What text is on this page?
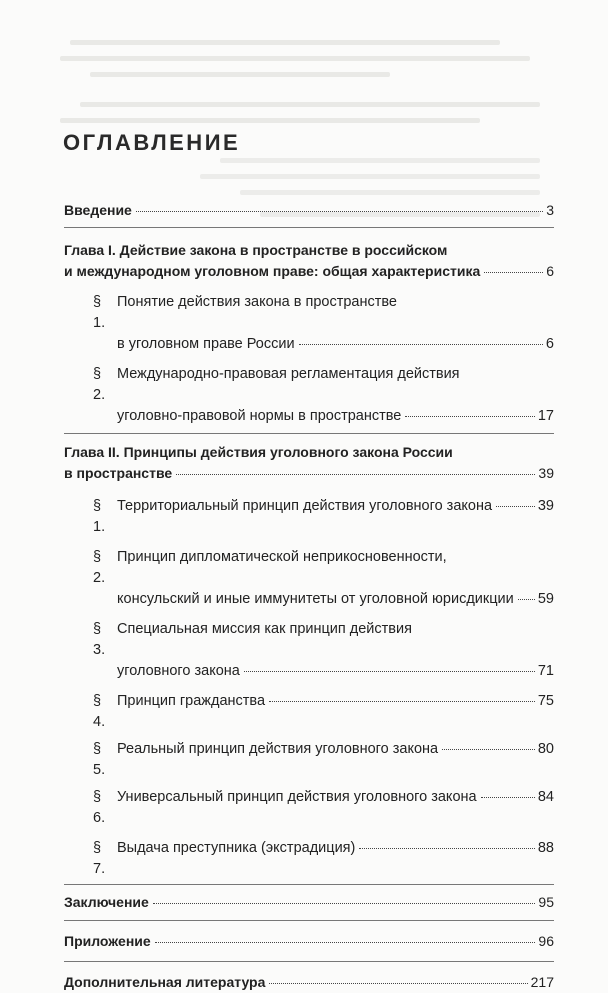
ОГЛАВЛЕНИЕ
Введение	3
Глава I. Действие закона в пространстве в российском
и международном уголовном праве: общая характеристика	6
§ 1.
Понятие действия закона в пространстве
в уголовном праве России	6
§ 2.
Международно-правовая регламентация действия
уголовно-правовой нормы в пространстве	17
Глава II. Принципы действия уголовного закона России
в пространстве	39
§ 1.
Территориальный принцип действия уголовного закона	39
§ 2.
Принцип дипломатической неприкосновенности,
консульский и иные иммунитеты от уголовной юрисдикции 59
§ 3.
Специальная миссия как принцип действия
уголовного закона	71
§ 4.
Принцип гражданства	75
§ 5.
Реальный принцип действия уголовного закона	80
§ 6.
Универсальный принцип действия уголовного закона	84
§ 7.
Выдача преступника (экстрадиция)	88
Заключение	95
Приложение	96
Дополнительная литература	217
